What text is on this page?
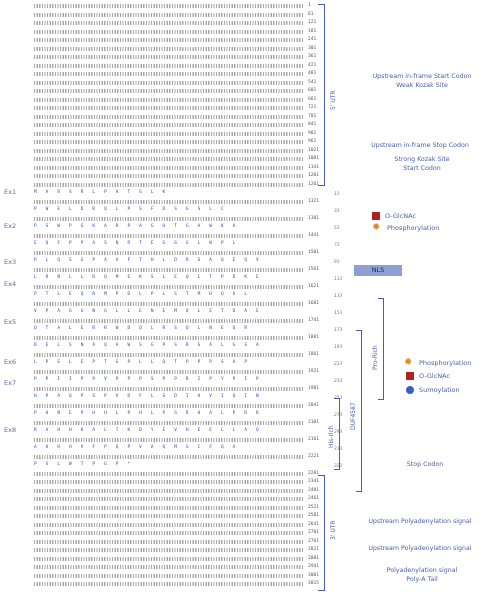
1
61
121
181
241
301
361
421
481
541
601
661
721
781
841
901
961
1021
1081
1141
1201
1261
M A R S R L P A T S L K	13
1321
P W E L D R Q L P S F D S G S L C	33
1381
P S W P G K A R P A G H T G A W K A	53
1441
E Q F P P A S N R T E G G G L W P L	73
1501
P L Q S S P A A F T H L D R S A Q E Q V	93
1561
L R N L L R Q M E K S L E Q L T P D K E	113
1621
P T L E Q R M P D L P L S T M H Q V L	133
1681
V P A G G N G L L E N E M Q L E T D A E	153
1741
Q T A L E R R W D Q L R S Q L N E Q R	173
1801
D E L S N A Q A W S G P S R G A L G S A	193
1861
L P E L E P T G P L L Q T P P P S A P	213
1921
P P I I P P V P P P S P P R I P Y P I P	233
1981
H P A Q P S P V D F L S D I H V I Q I N	253
2041
P H N E P H H L P H L P G R H A L P R R	273
2101
R A H H K A L T K D Y E V H E E L L A Q	293
2161
A H H H V F P Q P V A Q M G C F Q A	313
2221
P S L W T P G P *	322
2281
2341
2401
2461
2521
2581
2641
2701
2761
2821
2881
2941
3001
3015
Ex1
Ex2
Ex3
Ex4
Ex5
Ex6
Ex7
Ex8
5' UTR
Upstream in-frame Start Codon
Weak Kozak Site
Upstream in-frame Stop Codon
Strong Kozak Site
Start Codon
O-GlcNAc
✹ Phosphorylation
NLS
Pro-Rich	✹ Phosphorylation
O-GlcNAc
Sumoylation
DUF4587
His-rich
Stop Codon
3' UTR	Upstream Polyadenylation signal
Upstream Polyadenylation signal
Polyadenylation signal
Poly-A Tail
